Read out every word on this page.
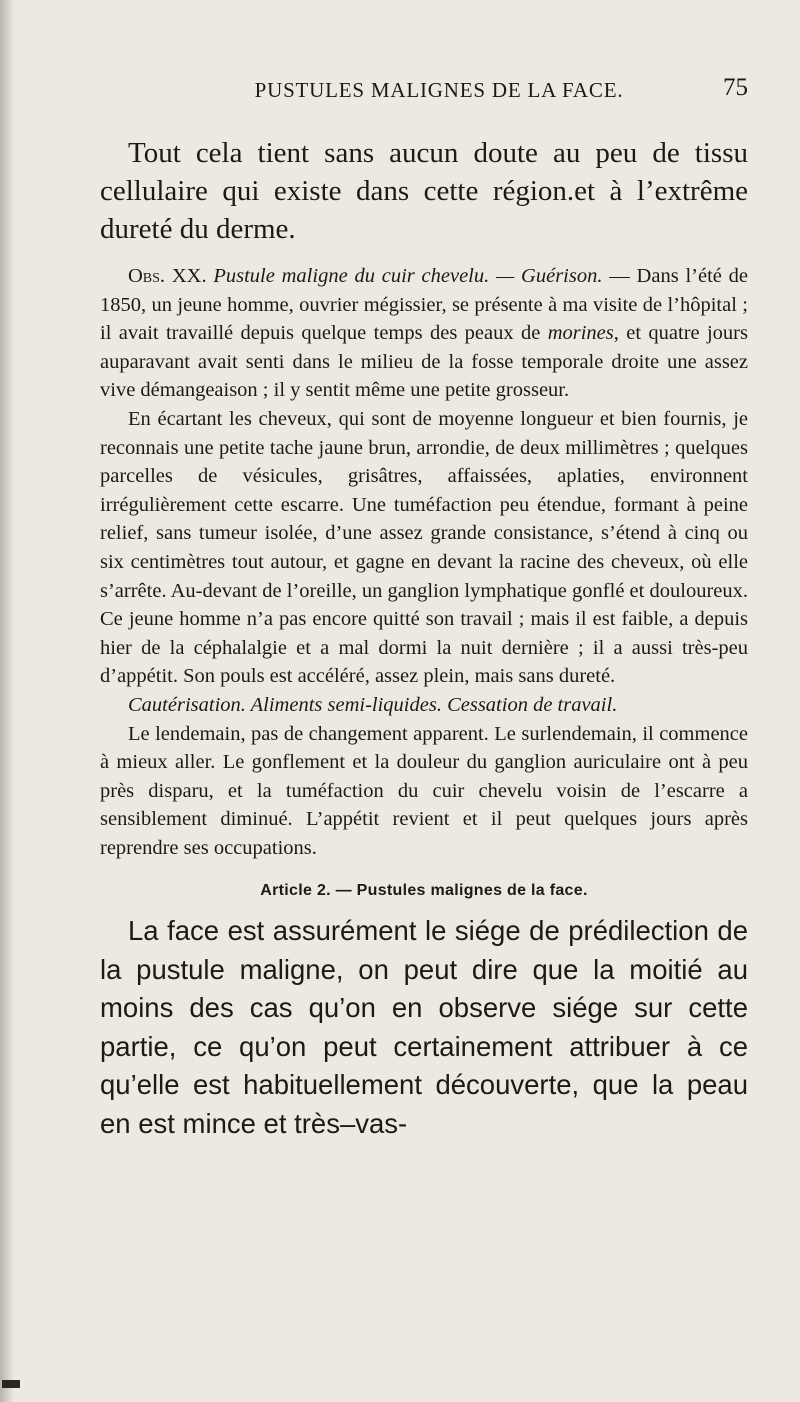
PUSTULES MALIGNES DE LA FACE.	75

Tout cela tient sans aucun doute au peu de tissu cellulaire qui existe dans cette région.et à l’extrême dureté du derme.

Obs. XX. Pustule maligne du cuir chevelu. — Guérison. — Dans l’été de 1850, un jeune homme, ouvrier mégissier, se présente à ma visite de l’hôpital ; il avait travaillé depuis quelque temps des peaux de morines, et quatre jours auparavant avait senti dans le milieu de la fosse temporale droite une assez vive démangeaison ; il y sentit même une petite grosseur.

En écartant les cheveux, qui sont de moyenne longueur et bien fournis, je reconnais une petite tache jaune brun, arrondie, de deux millimètres ; quelques parcelles de vésicules, grisâtres, affaissées, aplaties, environnent irrégulièrement cette escarre. Une tuméfaction peu étendue, formant à peine relief, sans tumeur isolée, d’une assez grande consistance, s’étend à cinq ou six centimètres tout autour, et gagne en devant la racine des cheveux, où elle s’arrête. Au-devant de l’oreille, un ganglion lymphatique gonflé et douloureux. Ce jeune homme n’a pas encore quitté son travail ; mais il est faible, a depuis hier de la céphalalgie et a mal dormi la nuit dernière ; il a aussi très-peu d’appétit. Son pouls est accéléré, assez plein, mais sans dureté.

Cautérisation. Aliments semi-liquides. Cessation de travail.

Le lendemain, pas de changement apparent. Le surlendemain, il commence à mieux aller. Le gonflement et la douleur du ganglion auriculaire ont à peu près disparu, et la tuméfaction du cuir chevelu voisin de l’escarre a sensiblement diminué. L’appétit revient et il peut quelques jours après reprendre ses occupations.

Article 2. — Pustules malignes de la face.

La face est assurément le siége de prédilection de la pustule maligne, on peut dire que la moitié au moins des cas qu’on en observe siége sur cette partie, ce qu’on peut certainement attribuer à ce qu’elle est habituellement découverte, que la peau en est mince et très–vas-
